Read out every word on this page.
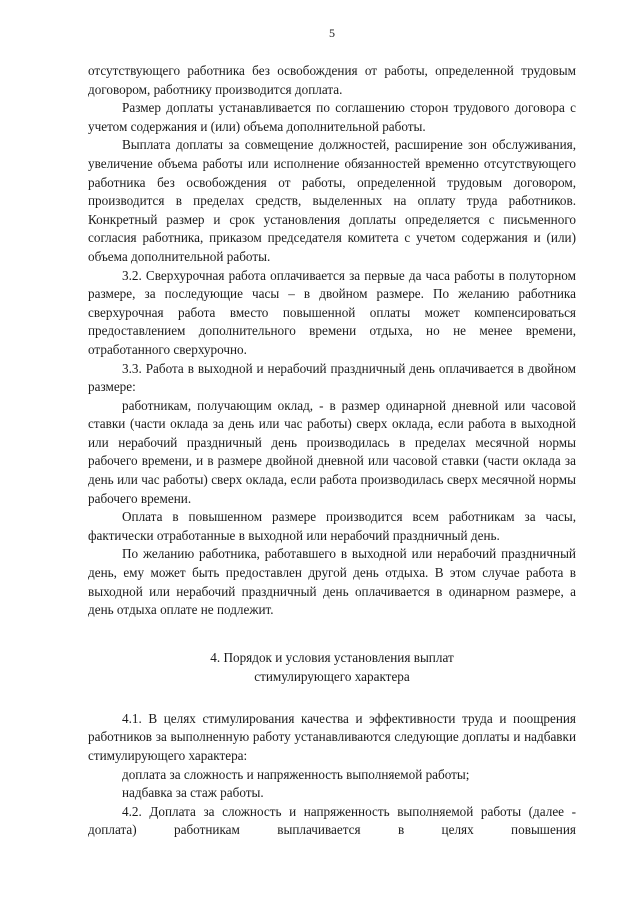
5

отсутствующего работника без освобождения от работы, определенной трудовым договором, работнику производится доплата.

Размер доплаты устанавливается по соглашению сторон трудового договора с учетом содержания и (или) объема дополнительной работы.

Выплата доплаты за совмещение должностей, расширение зон обслуживания, увеличение объема работы или исполнение обязанностей временно отсутствующего работника без освобождения от работы, определенной трудовым договором, производится в пределах средств, выделенных на оплату труда работников. Конкретный размер и срок установления доплаты определяется с письменного согласия работника, приказом председателя комитета с учетом содержания и (или) объема дополнительной работы.

3.2. Сверхурочная работа оплачивается за первые да часа работы в полуторном размере, за последующие часы – в двойном размере. По желанию работника сверхурочная работа вместо повышенной оплаты может компенсироваться предоставлением дополнительного времени отдыха, но не менее времени, отработанного сверхурочно.

3.3. Работа в выходной и нерабочий праздничный день оплачивается в двойном размере:

работникам, получающим оклад, - в размер одинарной дневной или часовой ставки (части оклада за день или час работы) сверх оклада, если работа в выходной или нерабочий праздничный день производилась в пределах месячной нормы рабочего времени, и в размере двойной дневной или часовой ставки (части оклада за день или час работы) сверх оклада, если работа производилась сверх месячной нормы рабочего времени.

Оплата в повышенном размере производится всем работникам за часы, фактически отработанные в выходной или нерабочий праздничный день.

По желанию работника, работавшего в выходной или нерабочий праздничный день, ему может быть предоставлен другой день отдыха. В этом случае работа в выходной или нерабочий праздничный день оплачивается в одинарном размере, а день отдыха оплате не подлежит.

4. Порядок и условия установления выплат
стимулирующего характера

4.1. В целях стимулирования качества и эффективности труда и поощрения работников за выполненную работу устанавливаются следующие доплаты и надбавки стимулирующего характера:

доплата за сложность и напряженность выполняемой работы;

надбавка за стаж работы.

4.2. Доплата за сложность и напряженность выполняемой работы (далее - доплата) работникам выплачивается в целях повышения
